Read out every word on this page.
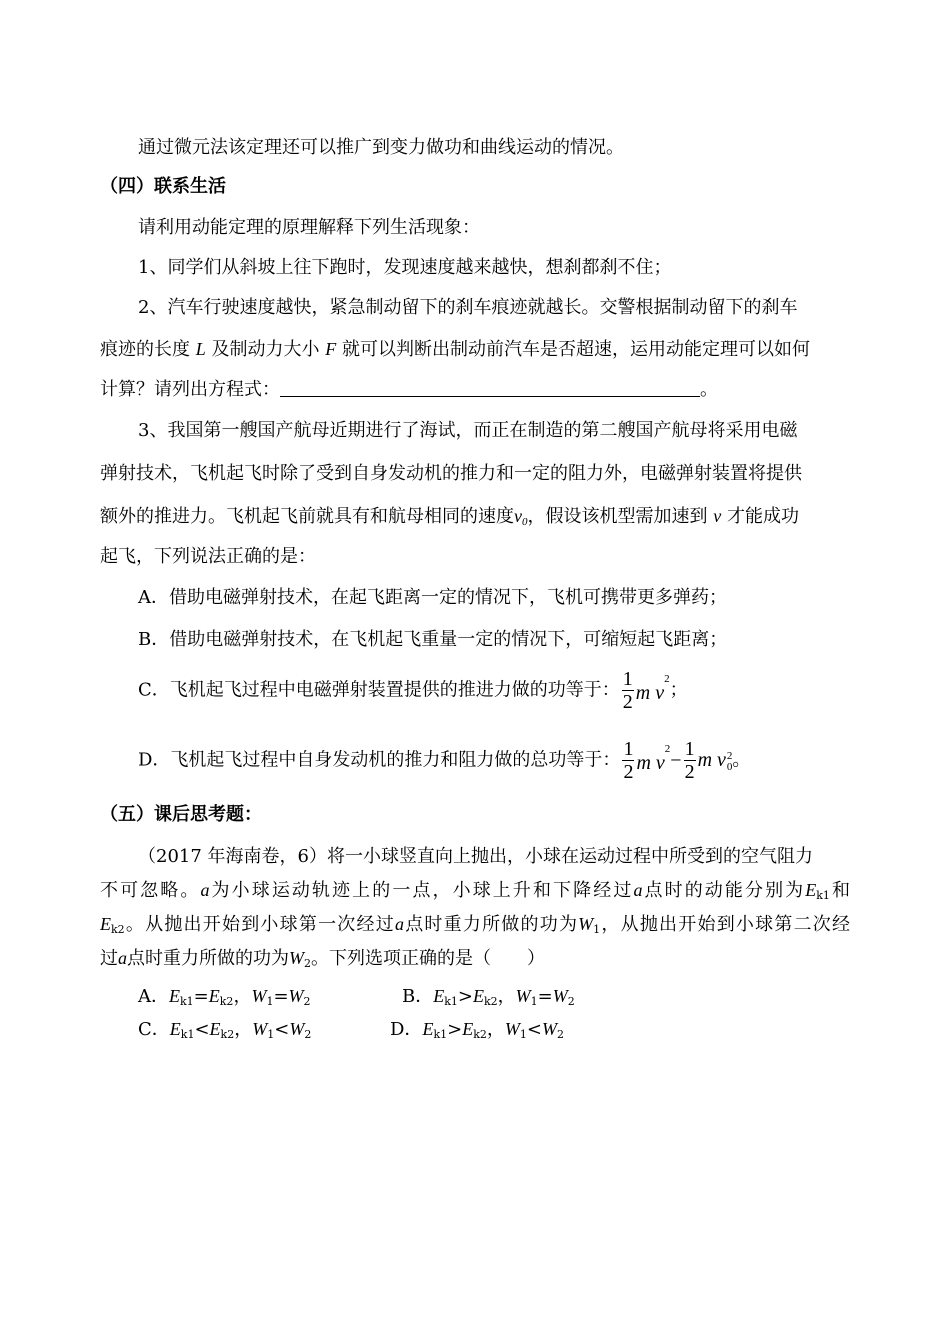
通过微元法该定理还可以推广到变力做功和曲线运动的情况。
（四）联系生活
请利用动能定理的原理解释下列生活现象：
1、同学们从斜坡上往下跑时，发现速度越来越快，想刹都刹不住；
2、汽车行驶速度越快，紧急制动留下的刹车痕迹就越长。交警根据制动留下的刹车
痕迹的长度 L 及制动力大小 F 就可以判断出制动前汽车是否超速，运用动能定理可以如何
计算？请列出方程式：	。
3、我国第一艘国产航母近期进行了海试，而正在制造的第二艘国产航母将采用电磁
弹射技术，飞机起飞时除了受到自身发动机的推力和一定的阻力外，电磁弹射装置将提供
额外的推进力。飞机起飞前就具有和航母相同的速度$v_0$，假设该机型需加速到 v 才能成功
起飞，下列说法正确的是：
A．借助电磁弹射技术，在起飞距离一定的情况下，飞机可携带更多弹药；
B．借助电磁弹射技术，在飞机起飞重量一定的情况下，可缩短起飞距离；
C．飞机起飞过程中电磁弹射装置提供的推进力做的功等于： $\frac{1}{2}$ m $v^2$；
D．飞机起飞过程中自身发动机的推力和阻力做的总功等于： $\frac{1}{2}$ m $v^2- \frac{1}{2}$ m v 2
0 。
（五）课后思考题：
（2017 年海南卷，6）将一小球竖直向上抛出，小球在运动过程中所受到的空气阻力
不可忽略。a为小球运动轨迹上的一点，小球上升和下降经过a点时的动能分别为$E_{k1}$和
$E_{k2}$。从抛出开始到小球第一次经过a点时重力所做的功为$W_1$，从抛出开始到小球第二次经
过a点时重力所做的功为$W_2$。下列选项正确的是（　　）
A．$E_{k1}=E_{k2}$，$W_1=W_2$	B．$E_{k1}>E_{k2}$，$W_1=W_2$
C．$E_{k1}<E_{k2}$，$W_1<W_2$	D．$E_{k1}>E_{k2}$，$W_1<W_2$
